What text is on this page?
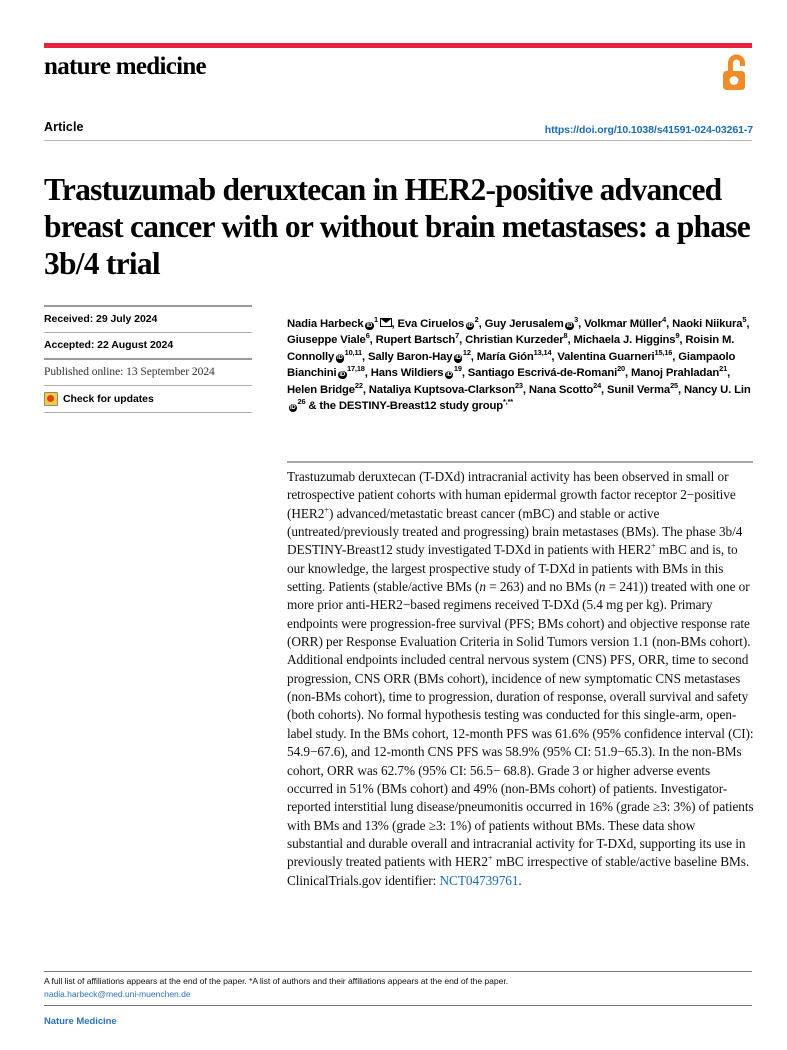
nature medicine
Article	https://doi.org/10.1038/s41591-024-03261-7
Trastuzumab deruxtecan in HER2-positive advanced breast cancer with or without brain metastases: a phase 3b/4 trial
Received: 29 July 2024
Accepted: 22 August 2024
Published online: 13 September 2024
Check for updates
Nadia Harbeck $iD^1$ , Eva Ciruelos $iD^2$, Guy Jerusalem $iD^3$, Volkmar Müller$^4$, Naoki Niikura$^5$, Giuseppe Viale$^6$, Rupert Bartsch$^7$, Christian Kurzeder$^8$, Michaela J. Higgins$^9$, Roisin M. Connolly iD$^{10,11}$, Sally Baron-Hay $iD^{12}$, María Gión$^{13,14}$, Valentina Guarneri$^{15,16}$, Giampaolo Bianchini iD$^{17,18}$, Hans Wildiers $iD^{19}$, Santiago Escrivá-de-Romani$^{20}$, Manoj Prahladan$^{21}$, Helen Bridge$^{22}$, Nataliya Kuptsova-Clarkson$^{23}$, Nana Scotto$^{24}$, Sunil Verma$^{25}$, Nancy U. LiniD$^{26}$ & the DESTINY-Breast12 study group*,**
Trastuzumab deruxtecan (T-DXd) intracranial activity has been observed in small or retrospective patient cohorts with human epidermal growth factor receptor 2−positive (HER2+) advanced/metastatic breast cancer (mBC) and stable or active (untreated/previously treated and progressing) brain metastases (BMs). The phase 3b/4 DESTINY-Breast12 study investigated T-DXd in patients with HER2+ mBC and is, to our knowledge, the largest prospective study of T-DXd in patients with BMs in this setting. Patients (stable/active BMs (n = 263) and no BMs (n = 241)) treated with one or more prior anti-HER2−based regimens received T-DXd (5.4 mg per kg). Primary endpoints were progression-free survival (PFS; BMs cohort) and objective response rate (ORR) per Response Evaluation Criteria in Solid Tumors version 1.1 (non-BMs cohort). Additional endpoints included central nervous system (CNS) PFS, ORR, time to second progression, CNS ORR (BMs cohort), incidence of new symptomatic CNS metastases (non-BMs cohort), time to progression, duration of response, overall survival and safety (both cohorts). No formal hypothesis testing was conducted for this single-arm, open-label study. In the BMs cohort, 12-month PFS was 61.6% (95% confidence interval (CI): 54.9−67.6), and 12-month CNS PFS was 58.9% (95% CI: 51.9−65.3). In the non-BMs cohort, ORR was 62.7% (95% CI: 56.5− 68.8). Grade 3 or higher adverse events occurred in 51% (BMs cohort) and 49% (non-BMs cohort) of patients. Investigator-reported interstitial lung disease/pneumonitis occurred in 16% (grade ≥3: 3%) of patients with BMs and 13% (grade ≥3: 1%) of patients without BMs. These data show substantial and durable overall and intracranial activity for T-DXd, supporting its use in previously treated patients with HER2+ mBC irrespective of stable/active baseline BMs. ClinicalTrials.gov identifier: NCT04739761.
A full list of affiliations appears at the end of the paper. *A list of authors and their affiliations appears at the end of the paper.
nadia.harbeck@med.uni-muenchen.de
Nature Medicine
